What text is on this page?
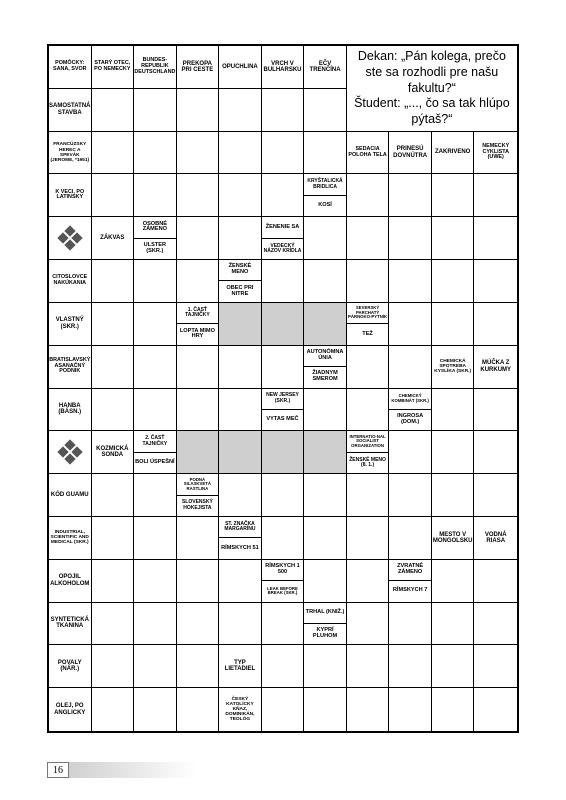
POMÔCKY: SANA, SVOR
STARÝ OTEC, PO NEMECKY
BUNDES-REPUBLIK DEUTSCHLAND
PREKOPA PRI CESTE
OPUCHLINA
VRCH V BULHARSKU
EČV TRENČÍNA
SAMOSTATNÁ STAVBA
FRANCÚZSKY HEREC A SPEVÁK (JEROME, *1951)
SEDACIA POLOHA TELA
PRINESÚ DOVNÚTRA
ZAKRIVENO
NEMECKÝ CYKLISTA (UWE)
K VECI, PO LATINSKY
KRYŠTALICKÁ BRIDLICA
KOSÍ
ZÁKVAS
OSOBNÉ ZÁMENO
ULSTER (SKR.)
ŽENENIE SA
VEDECKÝ NÁZOV KRÍDLA
CITOSLOVCE NAKÚKANIA
ŽENSKÉ MENO
OBEC PRI NITRE
VLASTNÝ (SKR.)
1. ČASŤ TAJNIČKY
LOPTA MIMO HRY
SEVERSKÝ PARCHATÝ PÁRNOKO-PYTNÍK
TEŽ
BRATISLAVSKÝ ASANAČNÝ PODNIK
AUTONÓMNA ÚNIA
ŽIADNYM SMEROM
CHEMICKÁ SPOTREBA KYSLÍKA (SKR.)
MÚČKA Z KURKUMY
HANBA (BÁSN.)
NEW JERSEY (SKR.)
VYTAS MEČ
CHEMICKÝ KOMBINÁT (SKR.)
INGROSA (DOM.)
KOZMICKÁ SONDA
2. ČASŤ TAJNIČKY
BOLI ÚSPEŠNÍ
INTERNATIO-NAL SOCIALIST ORGANIZATION
ŽENSKÉ MENO (8. 1.)
KÓD GUAMU
PODNÁ SILASKVETÁ RASTLINA
SLOVENSKÝ HOKEJISTA
INDUSTRIAL, SCIENTIFIC AND MEDICAL (SKR.)
ST. ZNAČKA MARGARÍNU
RÍMSKYCH 51
MESTO V MONGOLSKU
VODNÁ RIASA
OPOJIL ALKOHOLOM
RÍMSKYCH 1 500
LEAK BEFORE BREAK (SKR.)
ZVRATNÉ ZÁMENO
RÍMSKYCH 7
SYNTETICKÁ TKANINA
TRHAL (KNIŽ.)
KYPRÍ PLUHOM
POVALY (NÁR.)
TYP LIETADIEL
OLEJ, PO ANGLICKY
ČESKÝ KATOLÍCKY KŇAZ, DOMINIKÁN, TEOLÓG
Dekan: „Pán kolega, prečo ste sa rozhodli pre našu fakultu?“
Študent: „..., čo sa tak hlúpo pýtaš?“
16
